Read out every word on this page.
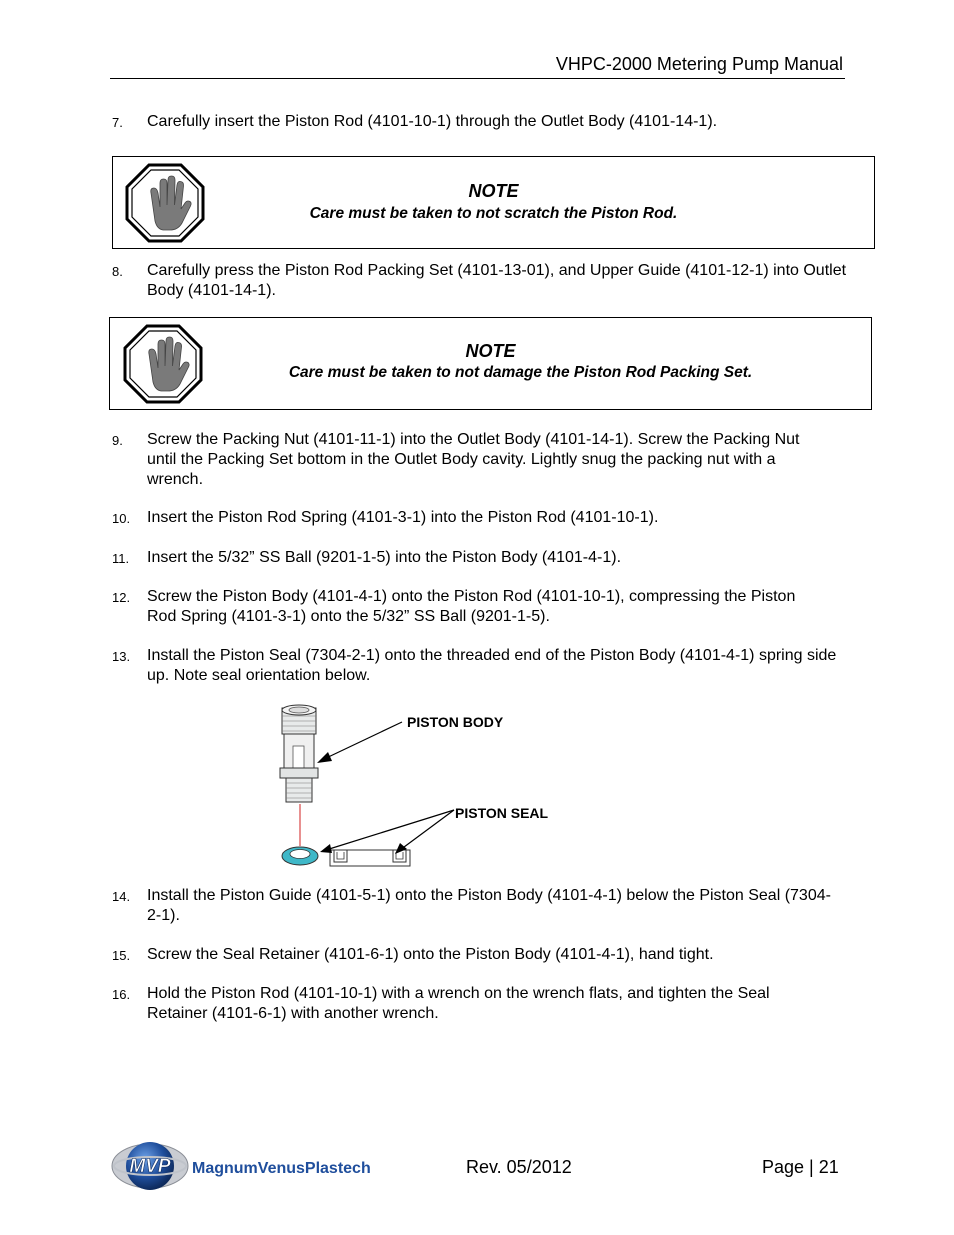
VHPC-2000 Metering Pump Manual
7. Carefully insert the Piston Rod (4101-10-1) through the Outlet Body (4101-14-1).
NOTE
Care must be taken to not scratch the Piston Rod.
8. Carefully press the Piston Rod Packing Set (4101-13-01), and Upper Guide (4101-12-1) into Outlet Body (4101-14-1).
NOTE
Care must be taken to not damage the Piston Rod Packing Set.
9. Screw the Packing Nut (4101-11-1) into the Outlet Body (4101-14-1). Screw the Packing Nut until the Packing Set bottom in the Outlet Body cavity. Lightly snug the packing nut with a wrench.
10. Insert the Piston Rod Spring (4101-3-1) into the Piston Rod (4101-10-1).
11. Insert the 5/32” SS Ball (9201-1-5) into the Piston Body (4101-4-1).
12. Screw the Piston Body (4101-4-1) onto the Piston Rod (4101-10-1), compressing the Piston Rod Spring (4101-3-1) onto the 5/32” SS Ball (9201-1-5).
13. Install the Piston Seal (7304-2-1) onto the threaded end of the Piston Body (4101-4-1) spring side up. Note seal orientation below.
PISTON BODY
PISTON SEAL
14. Install the Piston Guide (4101-5-1) onto the Piston Body (4101-4-1) below the Piston Seal (7304-2-1).
15. Screw the Seal Retainer (4101-6-1) onto the Piston Body (4101-4-1), hand tight.
16. Hold the Piston Rod (4101-10-1) with a wrench on the wrench flats, and tighten the Seal Retainer (4101-6-1) with another wrench.
MVP MagnumVenusPlastech	Rev. 05/2012	Page | 21
